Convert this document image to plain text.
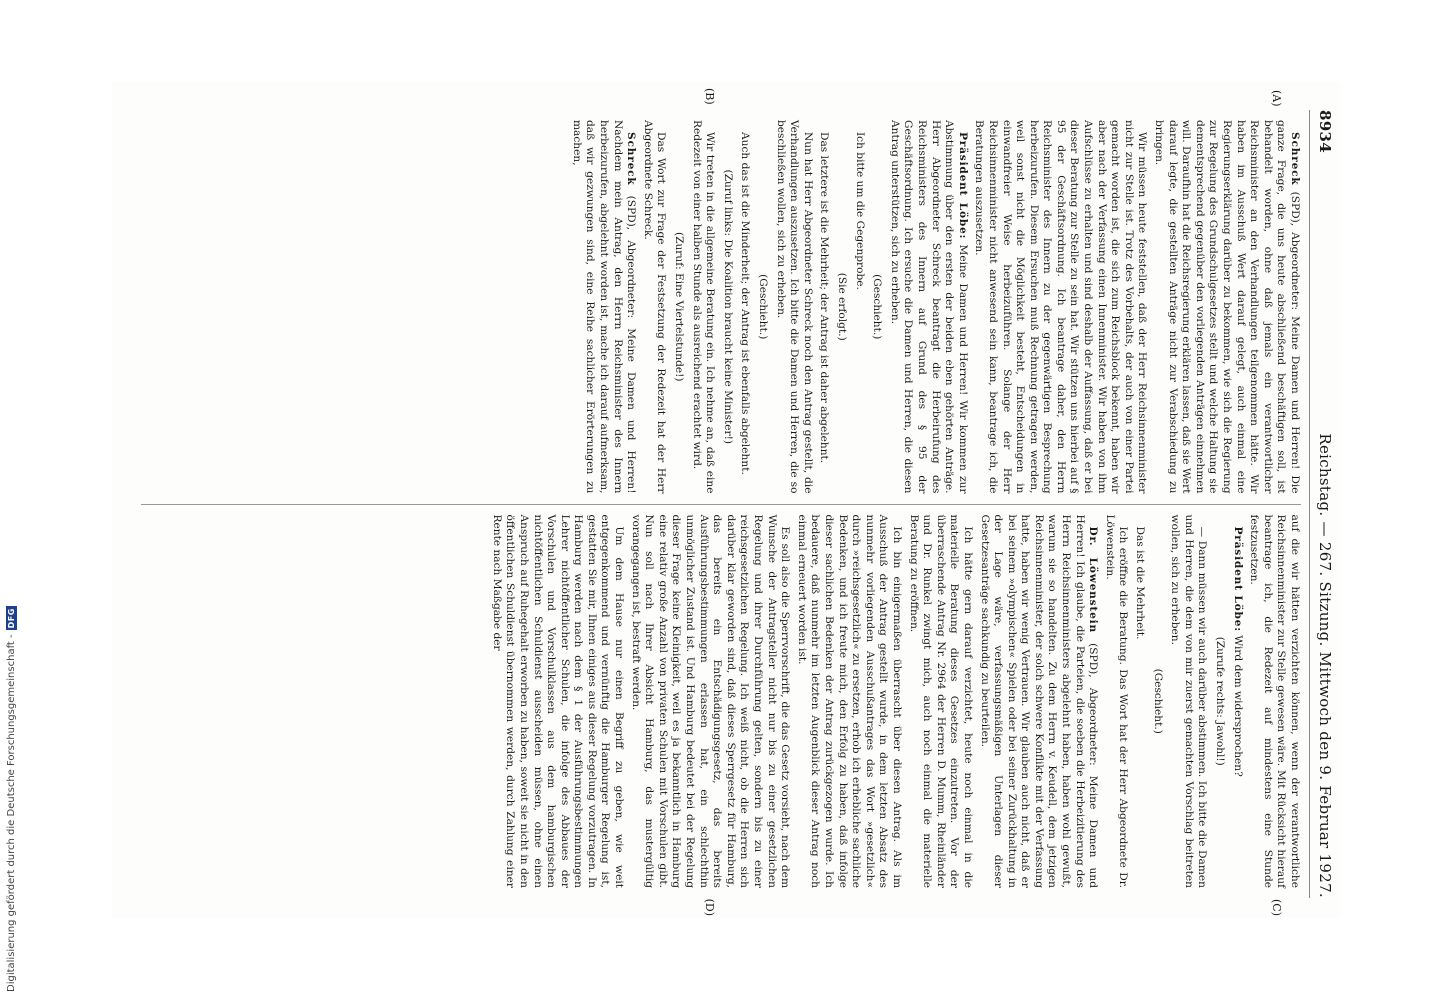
Digitalisierung gefördert durch die Deutsche Forschungsgemeinschaft -
DFG
8934
Reichstag. — 267. Sitzung. Mittwoch den 9. Februar 1927.
(A)
(B)
(C)
(D)

Schreck (SPD), Abgeordneter: Meine Damen und Herren! Die ganze Frage, die uns heute abschließend beschäftigen soll, ist behandelt worden, ohne daß jemals ein verantwortlicher Reichsminister an den Verhandlungen teilgenommen hätte. Wir haben im Ausschuß Wert darauf gelegt, auch einmal eine Regierungserklärung darüber zu bekommen, wie sich die Regierung zur Regelung des Grundschulgesetzes stellt und welche Haltung sie dementsprechend gegenüber den vorliegenden Anträgen einnehmen will. Daraufhin hat die Reichsregierung erklären lassen, daß sie Wert darauf legte, die gestellten Anträge nicht zur Verabschiedung zu bringen.

Wir müssen heute feststellen, daß der Herr Reichsinnenminister nicht zur Stelle ist. Trotz des Vorbehalts, der auch von einer Partei gemacht worden ist, die sich zum Reichsblock bekennt, haben wir aber nach der Verfassung einen Innenminister. Wir haben von ihm Aufschlüsse zu erhalten und sind deshalb der Auffassung, daß er bei dieser Beratung zur Stelle zu sein hat. Wir stützen uns hierbei auf § 95 der Geschäftsordnung. Ich beantrage daher, den Herrn Reichsminister des Innern zu der gegenwärtigen Besprechung herbeizurufen. Diesem Ersuchen muß Rechnung getragen werden, weil sonst nicht die Möglichkeit besteht, Entscheidungen in einwandfreier Weise herbeizuführen. Solange der Herr Reichsinnenminister nicht anwesend sein kann, beantrage ich, die Beratungen auszusetzen.

Präsident Löbe: Meine Damen und Herren! Wir kommen zur Abstimmung über den ersten der beiden eben gehörten Anträge. Herr Abgeordneter Schreck beantragt die Herbeirufung des Reichsministers des Innern auf Grund des § 95 der Geschäftsordnung. Ich ersuche die Damen und Herren, die diesen Antrag unterstützen, sich zu erheben.

(Geschieht.)

Ich bitte um die Gegenprobe.

(Sie erfolgt.)

Das letztere ist die Mehrheit; der Antrag ist daher abgelehnt.

Nun hat Herr Abgeordneter Schreck noch den Antrag gestellt, die Verhandlungen auszusetzen. Ich bitte die Damen und Herren, die so beschließen wollen, sich zu erheben.

(Geschieht.)

Auch das ist die Minderheit; der Antrag ist ebenfalls abgelehnt.

(Zuruf links: Die Koalition braucht keine Minister!)

Wir treten in die allgemeine Beratung ein. Ich nehme an, daß eine Redezeit von einer halben Stunde als ausreichend erachtet wird.

(Zuruf: Eine Viertelstunde!)

Das Wort zur Frage der Festsetzung der Redezeit hat der Herr Abgeordnete Schreck.

Schreck (SPD), Abgeordneter: Meine Damen und Herren! Nachdem mein Antrag, den Herrn Reichsminister des Innern herbeizurufen, abgelehnt worden ist, mache ich darauf aufmerksam, daß wir gezwungen sind, eine Reihe sachlicher Erörterungen zu machen,

auf die wir hätten verzichten können, wenn der verantwortliche Reichsinnenminister zur Stelle gewesen wäre. Mit Rücksicht hierauf beantrage ich, die Redezeit auf mindestens eine Stunde festzusetzen.

Präsident Löbe: Wird dem widersprochen?

(Zurufe rechts: Jawohl!)

— Dann müssen wir auch darüber abstimmen. Ich bitte die Damen und Herren, die dem von mir zuerst gemachten Vorschlag beitreten wollen, sich zu erheben.

(Geschieht.)

Das ist die Mehrheit.

Ich eröffne die Beratung. Das Wort hat der Herr Abgeordnete Dr. Löwenstein.

Dr. Löwenstein (SPD), Abgeordneter: Meine Damen und Herren! Ich glaube, die Parteien, die soeben die Herbeizitierung des Herrn Reichsinnenministers abgelehnt haben, haben wohl gewußt, warum sie so handelten. Zu dem Herrn v. Keudell, dem jetzigen Reichsinnenminister, der solch schwere Konflikte mit der Verfassung hatte, haben wir wenig Vertrauen. Wir glauben auch nicht, daß er bei seinem »olympischen« Spielen oder bei seiner Zurückhaltung in der Lage wäre, verfassungsmäßigen Unterlagen dieser Gesetzesanträge sachkundig zu beurteilen.

Ich hätte gern darauf verzichtet, heute noch einmal in die materielle Beratung dieses Gesetzes einzutreten. Vor der überraschende Antrag Nr. 2964 der Herren D. Mumm, Rheinländer und Dr. Runkel zwingt mich, auch noch einmal die materielle Beratung zu eröffnen.

Ich bin einigermaßen überrascht über diesen Antrag. Als im Ausschuß der Antrag gestellt wurde, in dem letzten Absatz des nunmehr vorliegenden Ausschußantrages das Wort »gesetzlich« durch »reichsgesetzlich« zu ersetzen, erhob ich erhebliche sachliche Bedenken, und ich freute mich, den Erfolg zu haben, daß infolge dieser sachlichen Bedenken der Antrag zurückgezogen wurde. Ich bedauere, daß nunmehr im letzten Augenblick dieser Antrag noch einmal erneuert worden ist.

Es soll also die Sperrvorschrift, die das Gesetz vorsieht, nach dem Wunsche der Antragsteller nicht nur bis zu einer gesetzlichen Regelung und ihrer Durchführung gelten, sondern bis zu einer reichsgesetzlichen Regelung. Ich weiß nicht, ob die Herren sich darüber klar geworden sind, daß dieses Sperrgesetz für Hamburg, das bereits ein Entschädigungsgesetz, das bereits Ausführungsbestimmungen erlassen hat, ein schlechthin unmöglicher Zustand ist. Und Hamburg bedeutet bei der Regelung dieser Frage keine Kleinigkeit, weil es ja bekanntlich in Hamburg eine relativ große Anzahl von privaten Schulen mit Vorschulen gibt. Nun soll nach Ihrer Absicht Hamburg, das mustergültig vorangegangen ist, bestraft werden.

Um dem Hause nur einen Begriff zu geben, wie weit entgegenkommend und vernünftig die Hamburger Regelung ist, gestatten Sie mir, Ihnen einiges aus dieser Regelung vorzutragen. In Hamburg werden nach dem § 1 der Ausführungsbestimmungen Lehrer nichtöffentlicher Schulen, die infolge des Abbaues der Vorschulen und Vorschulklassen aus dem hamburgischen nichtöffentlichen Schuldienst ausscheiden müssen, ohne einen Anspruch auf Ruhegehalt erworben zu haben, soweit sie nicht in den öffentlichen Schuldienst übernommen werden, durch Zahlung einer Rente nach Maßgabe der
